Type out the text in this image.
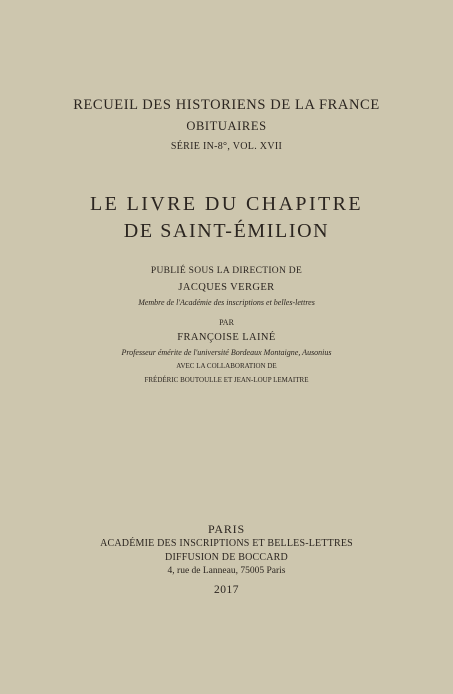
RECUEIL DES HISTORIENS DE LA FRANCE
OBITUAIRES
SÉRIE IN-8°, VOL. XVII
LE LIVRE DU CHAPITRE
DE SAINT-ÉMILION
PUBLIÉ SOUS LA DIRECTION DE
JACQUES VERGER
Membre de l'Académie des inscriptions et belles-lettres
PAR
FRANÇOISE LAINÉ
Professeur émérite de l'université Bordeaux Montaigne, Ausonius
AVEC LA COLLABORATION DE
FRÉDÉRIC BOUTOULLE ET JEAN-LOUP LEMAITRE
PARIS
ACADÉMIE DES INSCRIPTIONS ET BELLES-LETTRES
DIFFUSION DE BOCCARD
4, rue de Lanneau, 75005 Paris
2017
